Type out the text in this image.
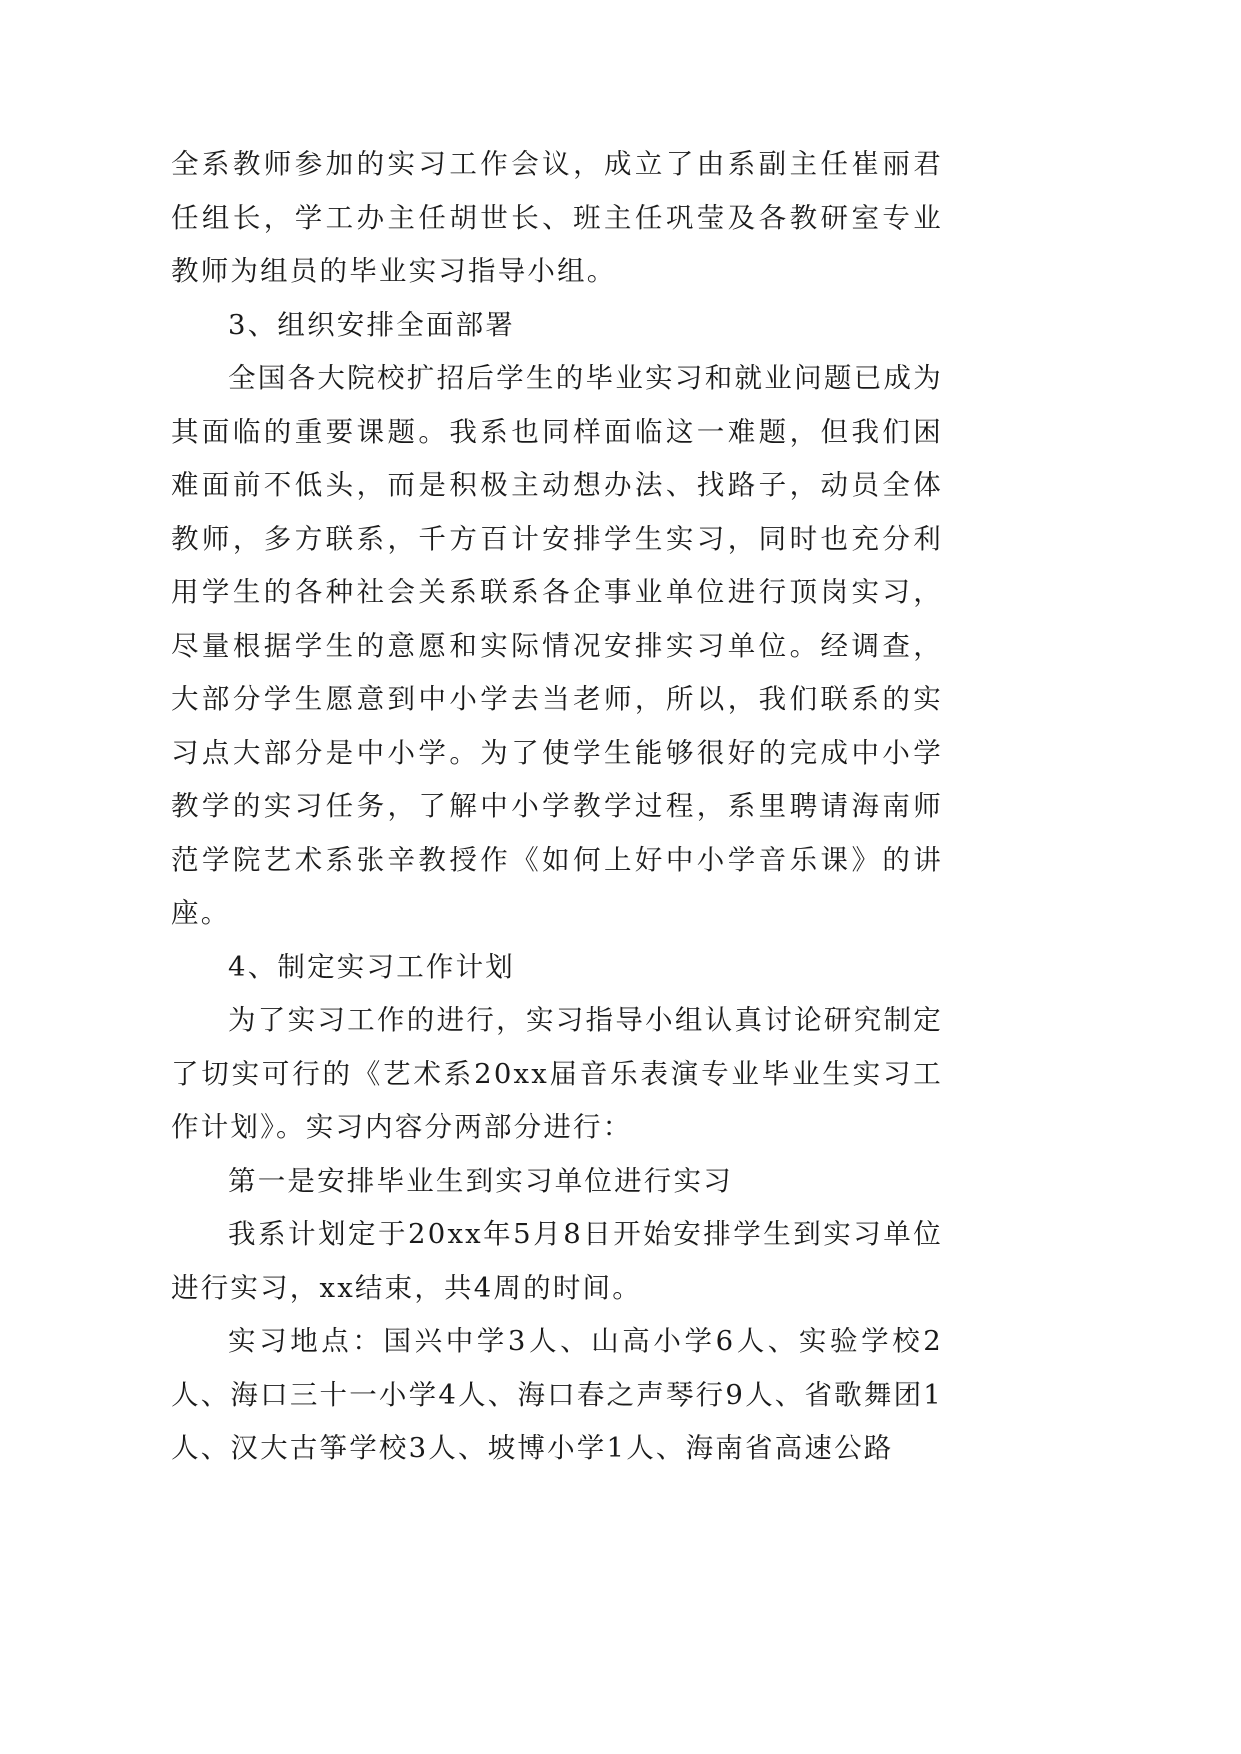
全系教师参加的实习工作会议，成立了由系副主任崔丽君任组长，学工办主任胡世长、班主任巩莹及各教研室专业教师为组员的毕业实习指导小组。

3、组织安排全面部署

全国各大院校扩招后学生的毕业实习和就业问题已成为其面临的重要课题。我系也同样面临这一难题，但我们困难面前不低头，而是积极主动想办法、找路子，动员全体教师，多方联系，千方百计安排学生实习，同时也充分利用学生的各种社会关系联系各企事业单位进行顶岗实习，尽量根据学生的意愿和实际情况安排实习单位。经调查，大部分学生愿意到中小学去当老师，所以，我们联系的实习点大部分是中小学。为了使学生能够很好的完成中小学教学的实习任务，了解中小学教学过程，系里聘请海南师范学院艺术系张辛教授作《如何上好中小学音乐课》的讲座。

4、制定实习工作计划

为了实习工作的进行，实习指导小组认真讨论研究制定了切实可行的《艺术系20xx届音乐表演专业毕业生实习工作计划》。实习内容分两部分进行：

第一是安排毕业生到实习单位进行实习

我系计划定于20xx年5月8日开始安排学生到实习单位进行实习，xx结束，共4周的时间。

实习地点：国兴中学3人、山高小学6人、实验学校2人、海口三十一小学4人、海口春之声琴行9人、省歌舞团1人、汉大古筝学校3人、坡博小学1人、海南省高速公路
